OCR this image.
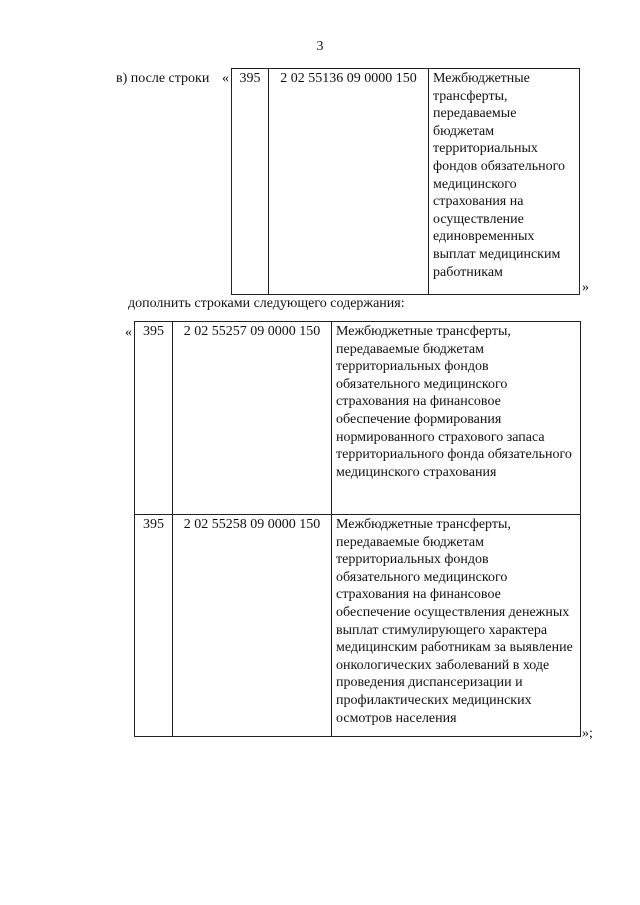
3
в) после строки « 395	2 02 55136 09 0000 150	Межбюджетные трансферты, передаваемые бюджетам территориальных фондов обязательного медицинского страхования на осуществление единовременных выплат медицинским работникам
»
дополнить строками следующего содержания:
« 395	2 02 55257 09 0000 150	Межбюджетные трансферты, передаваемые бюджетам территориальных фондов обязательного медицинского страхования на финансовое обеспечение формирования нормированного страхового запаса территориального фонда обязательного медицинского страхования
395	2 02 55258 09 0000 150	Межбюджетные трансферты, передаваемые бюджетам территориальных фондов обязательного медицинского страхования на финансовое обеспечение осуществления денежных выплат стимулирующего характера медицинским работникам за выявление онкологических заболеваний в ходе проведения диспансеризации и профилактических медицинских осмотров населения
»;
